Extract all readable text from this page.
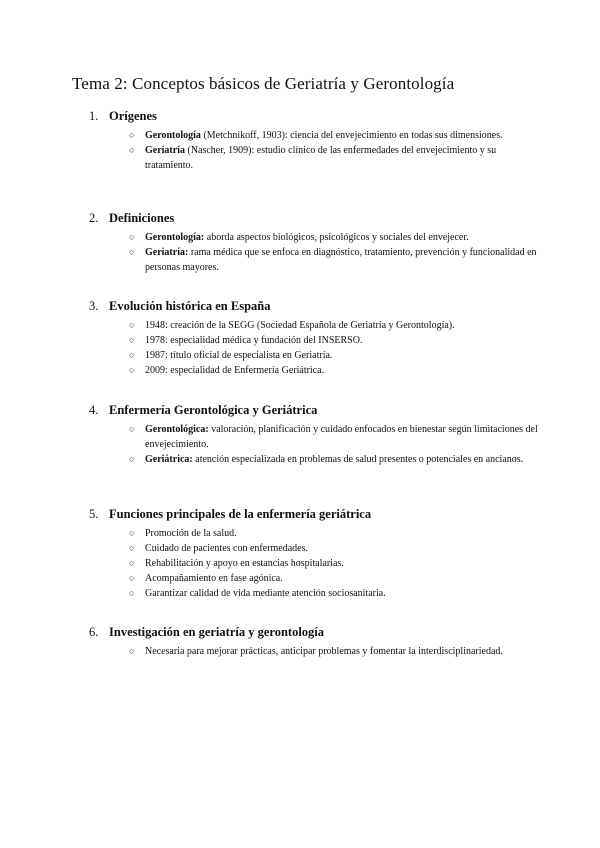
Tema 2: Conceptos básicos de Geriatría y Gerontología
1. Orígenes
○ Gerontología (Metchnikoff, 1903): ciencia del envejecimiento en todas sus dimensiones.
○ Geriatría (Nascher, 1909): estudio clínico de las enfermedades del envejecimiento y su tratamiento.
2. Definiciones
○ Gerontología: aborda aspectos biológicos, psicológicos y sociales del envejecer.
○ Geriatría: rama médica que se enfoca en diagnóstico, tratamiento, prevención y funcionalidad en personas mayores.
3. Evolución histórica en España
○ 1948: creación de la SEGG (Sociedad Española de Geriatría y Gerontología).
○ 1978: especialidad médica y fundación del INSERSO.
○ 1987: título oficial de especialista en Geriatría.
○ 2009: especialidad de Enfermería Geriátrica.
4. Enfermería Gerontológica y Geriátrica
○ Gerontológica: valoración, planificación y cuidado enfocados en bienestar según limitaciones del envejecimiento.
○ Geriátrica: atención especializada en problemas de salud presentes o potenciales en ancianos.
5. Funciones principales de la enfermería geriátrica
○ Promoción de la salud.
○ Cuidado de pacientes con enfermedades.
○ Rehabilitación y apoyo en estancias hospitalarias.
○ Acompañamiento en fase agónica.
○ Garantizar calidad de vida mediante atención sociosanitaria.
6. Investigación en geriatría y gerontología
○ Necesaria para mejorar prácticas, anticipar problemas y fomentar la interdisciplinariedad.
